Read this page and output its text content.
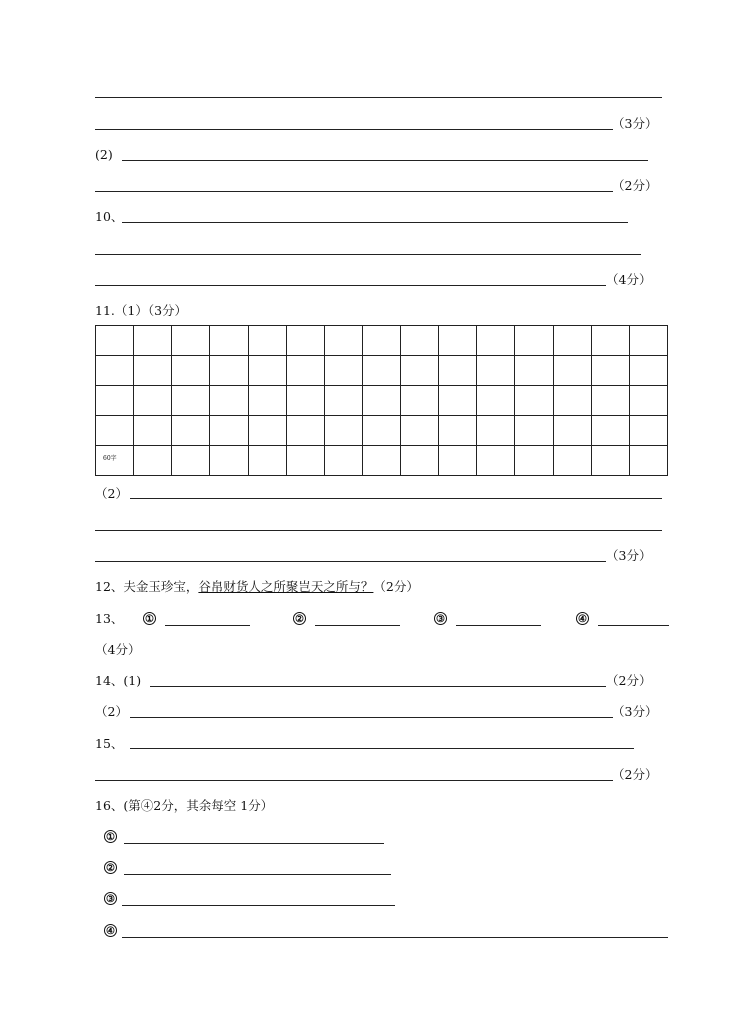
（3分）
(2)
（2分）
10、
（4分）
11.（1）（3分）

60字														

（2）
（3分）
12、夫金玉珍宝，谷帛财货人之所聚岂天之所与？（2分）
13、 ①	②	③	④
（4分）
14、(1)	（2分）
（2）	（3分）
15、
（2分）
16、(第④2分，其余每空 1分）
①
②
③
④
